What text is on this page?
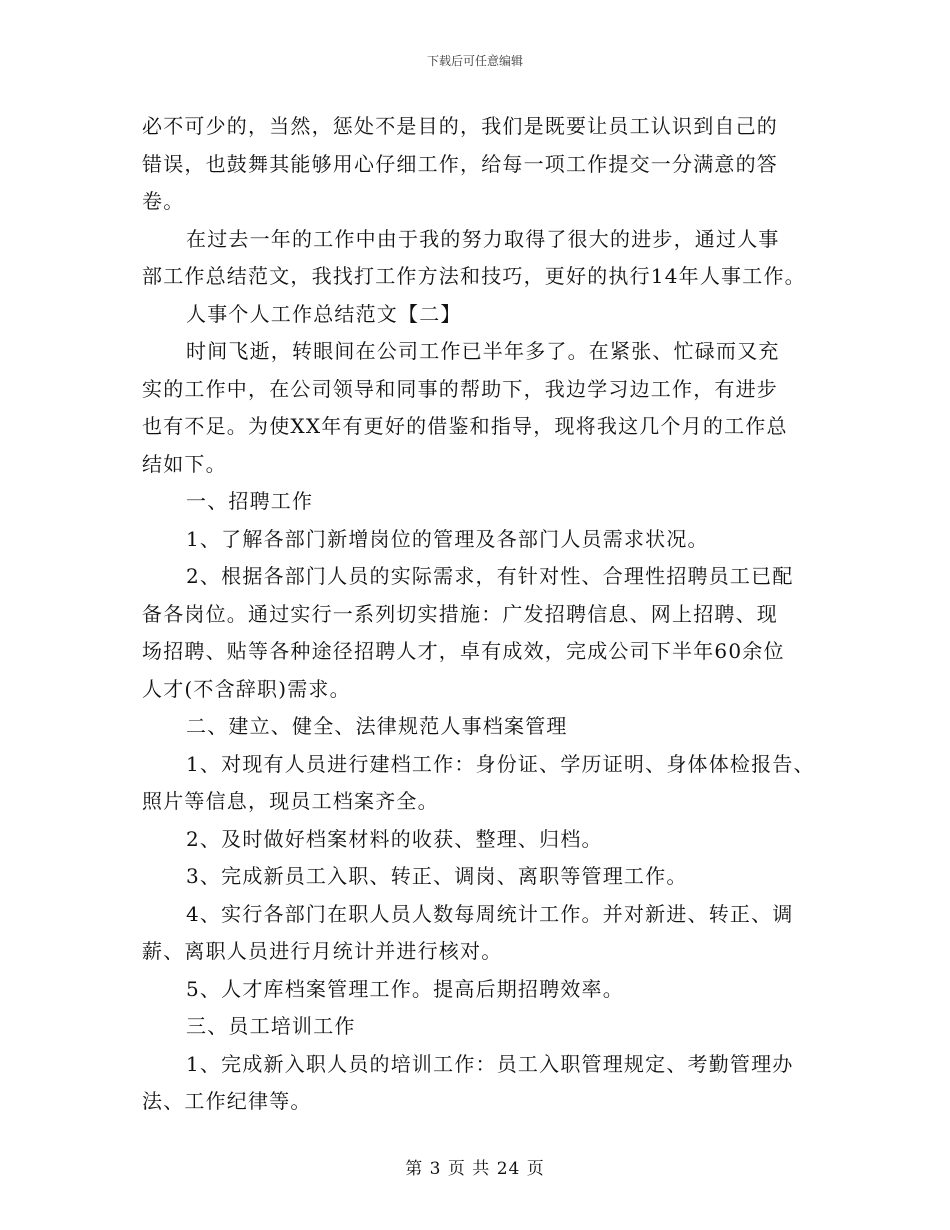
下载后可任意编辑
必不可少的，当然，惩处不是目的，我们是既要让员工认识到自己的
错误，也鼓舞其能够用心仔细工作，给每一项工作提交一分满意的答
卷。
在过去一年的工作中由于我的努力取得了很大的进步，通过人事
部工作总结范文，我找打工作方法和技巧，更好的执行14年人事工作。
人事个人工作总结范文【二】
时间飞逝，转眼间在公司工作已半年多了。在紧张、忙碌而又充
实的工作中，在公司领导和同事的帮助下，我边学习边工作，有进步
也有不足。为使XX年有更好的借鉴和指导，现将我这几个月的工作总
结如下。
一、招聘工作
1、了解各部门新增岗位的管理及各部门人员需求状况。
2、根据各部门人员的实际需求，有针对性、合理性招聘员工已配
备各岗位。通过实行一系列切实措施：广发招聘信息、网上招聘、现
场招聘、贴等各种途径招聘人才，卓有成效，完成公司下半年60余位
人才(不含辞职)需求。
二、建立、健全、法律规范人事档案管理
1、对现有人员进行建档工作：身份证、学历证明、身体体检报告、
照片等信息，现员工档案齐全。
2、及时做好档案材料的收获、整理、归档。
3、完成新员工入职、转正、调岗、离职等管理工作。
4、实行各部门在职人员人数每周统计工作。并对新进、转正、调
薪、离职人员进行月统计并进行核对。
5、人才库档案管理工作。提高后期招聘效率。
三、员工培训工作
1、完成新入职人员的培训工作：员工入职管理规定、考勤管理办
法、工作纪律等。
第 3 页 共 24 页
